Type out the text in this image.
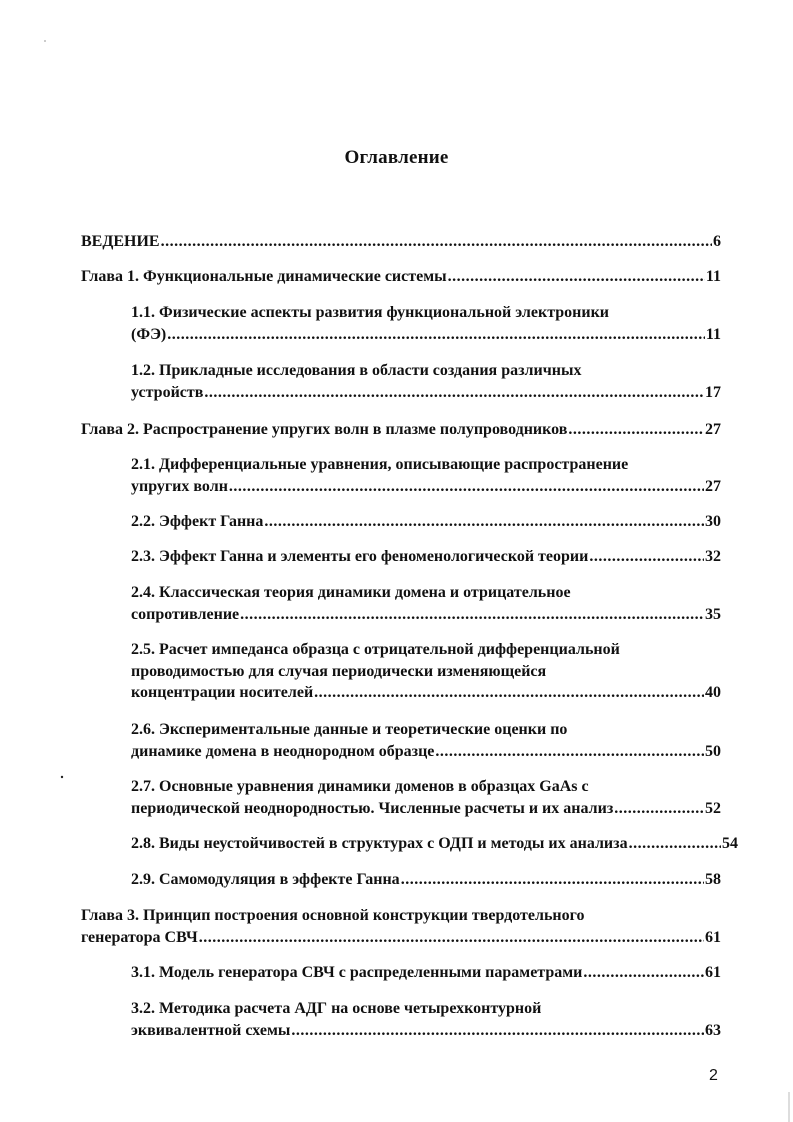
Оглавление
ВЕДЕНИЕ .....	6
Глава 1. Функциональные динамические системы .....	11
1.1. Физические аспекты развития функциональной электроники
(ФЭ) .....	11
1.2. Прикладные исследования в области создания различных
устройств .....	17
Глава 2. Распространение упругих волн в плазме полупроводников .....	27
2.1. Дифференциальные уравнения, описывающие распространение
упругих волн .....	27
2.2. Эффект Ганна .....	30
2.3. Эффект Ганна и элементы его феноменологической теории .....	32
2.4. Классическая теория динамики домена и отрицательное
сопротивление .....	35
2.5. Расчет импеданса образца с отрицательной дифференциальной
проводимостью для случая периодически изменяющейся
концентрации носителей .....	40
2.6. Экспериментальные данные и теоретические оценки по
динамике домена в неоднородном образце .....	50
2.7. Основные уравнения динамики доменов в образцах GaAs с
периодической неоднородностью. Численные расчеты и их анализ .....	52
2.8. Виды неустойчивостей в структурах с ОДП и методы их анализа .....	54
2.9. Самомодуляция в эффекте Ганна .....	58
Глава 3. Принцип построения основной конструкции твердотельного
генератора СВЧ .....	61
3.1. Модель генератора СВЧ с распределенными параметрами .....	61
3.2. Методика расчета АДГ на основе четырехконтурной
эквивалентной схемы .....	63
2
